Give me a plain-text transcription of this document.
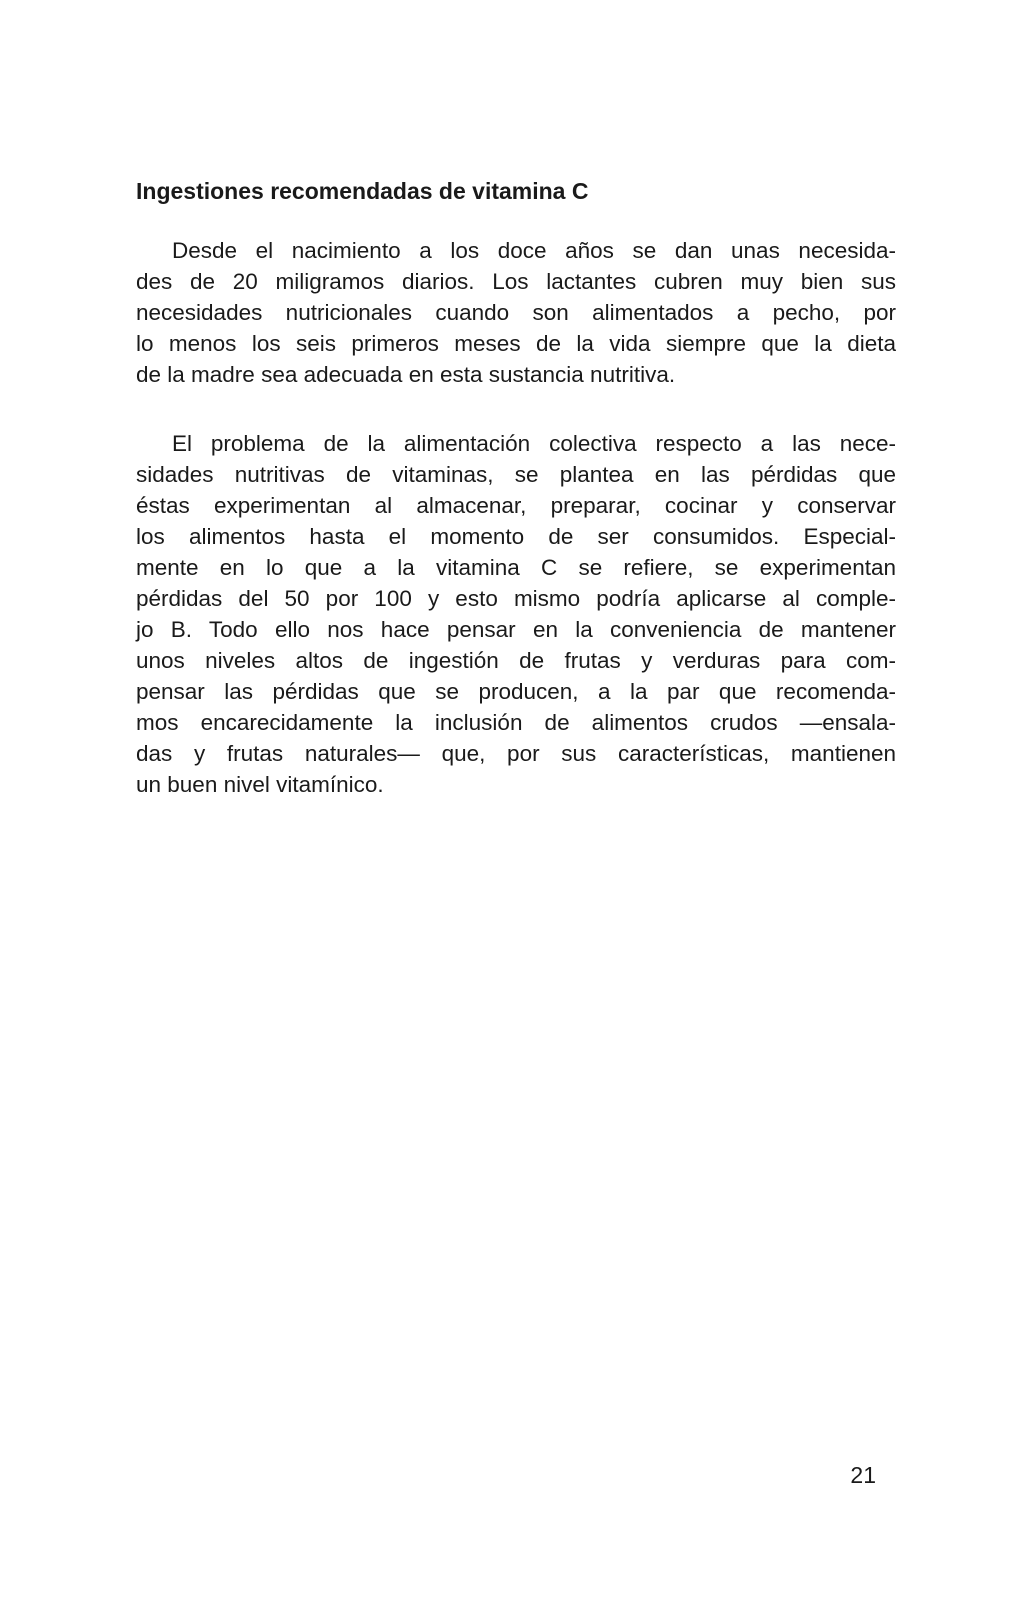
Ingestiones recomendadas de vitamina C
Desde el nacimiento a los doce años se dan unas necesida-
des de 20 miligramos diarios. Los lactantes cubren muy bien sus
necesidades nutricionales cuando son alimentados a pecho, por
lo menos los seis primeros meses de la vida siempre que la dieta
de la madre sea adecuada en esta sustancia nutritiva.
El problema de la alimentación colectiva respecto a las nece-
sidades nutritivas de vitaminas, se plantea en las pérdidas que
éstas experimentan al almacenar, preparar, cocinar y conservar
los alimentos hasta el momento de ser consumidos. Especial-
mente en lo que a la vitamina C se refiere, se experimentan
pérdidas del 50 por 100 y esto mismo podría aplicarse al comple-
jo B. Todo ello nos hace pensar en la conveniencia de mantener
unos niveles altos de ingestión de frutas y verduras para com-
pensar las pérdidas que se producen, a la par que recomenda-
mos encarecidamente la inclusión de alimentos crudos —ensala-
das y frutas naturales— que, por sus características, mantienen
un buen nivel vitamínico.
21
